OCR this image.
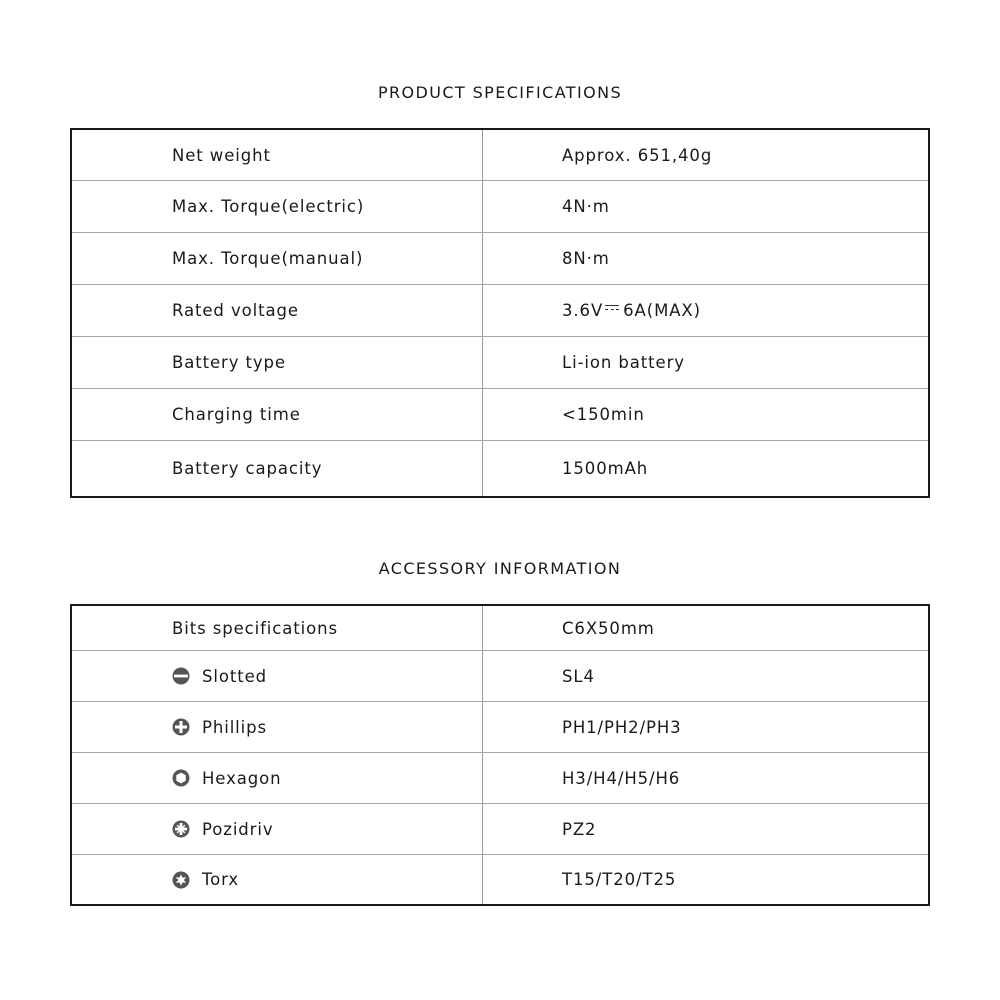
PRODUCT SPECIFICATIONS
Net weight	Approx. 651,40g
Max. Torque(electric)	4N·m
Max. Torque(manual)	8N·m
Rated voltage	3.6V 6A(MAX)
Battery type	Li-ion battery
Charging time	<150min
Battery capacity	1500mAh
ACCESSORY INFORMATION
Bits specifications	C6X50mm
Slotted	SL4
Phillips	PH1/PH2/PH3
Hexagon	H3/H4/H5/H6
Pozidriv	PZ2
Torx	T15/T20/T25
